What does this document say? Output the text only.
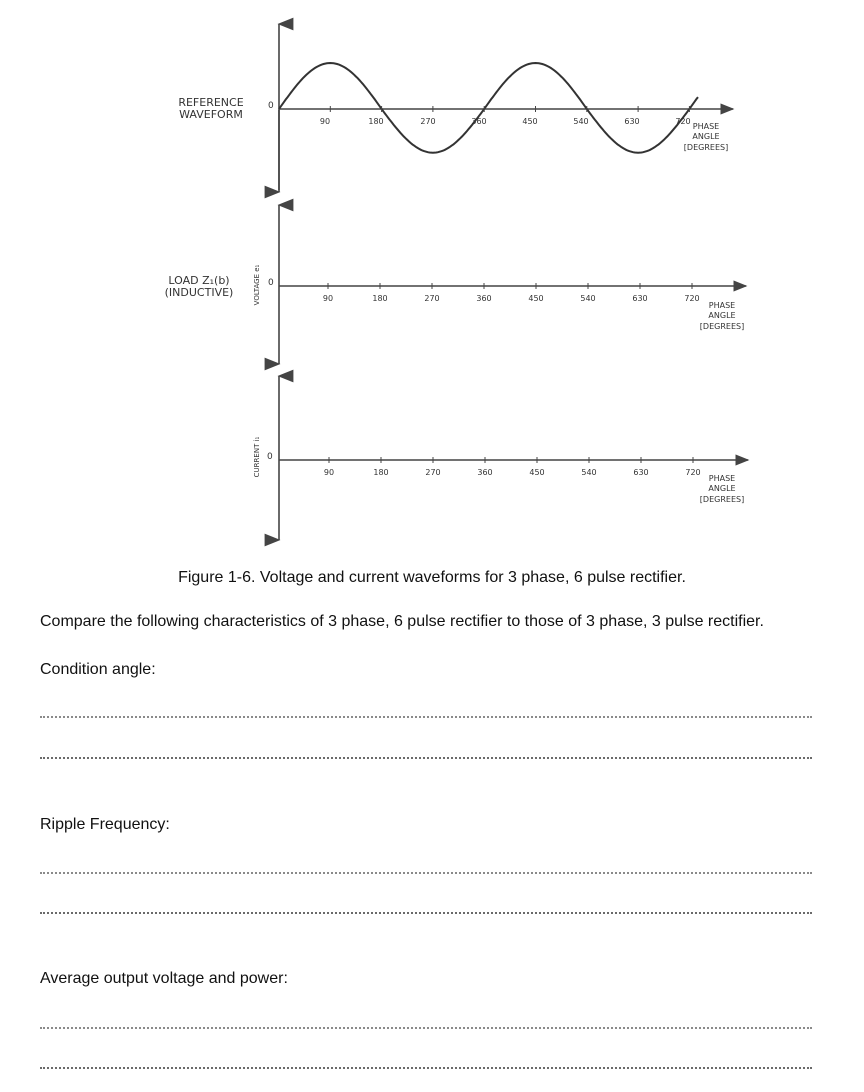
REFERENCE
WAVEFORM
0
PHASE
ANGLE
[DEGREES]
90	180	270	360	450	540	630	720
LOAD Z₁(b)
(INDUCTIVE)	VOLTAGE e₁ 0
PHASE
ANGLE
[DEGREES]
90	180	270	360	450	540	630	720
CURRENT i₁ 0
PHASE
ANGLE
[DEGREES]
90	180	270	360	450	540	630	720
Figure 1-6. Voltage and current waveforms for 3 phase, 6 pulse rectifier.
Compare the following characteristics of 3 phase, 6 pulse rectifier to those of 3 phase, 3 pulse rectifier.
Condition angle:
Ripple Frequency:
Average output voltage and power:
